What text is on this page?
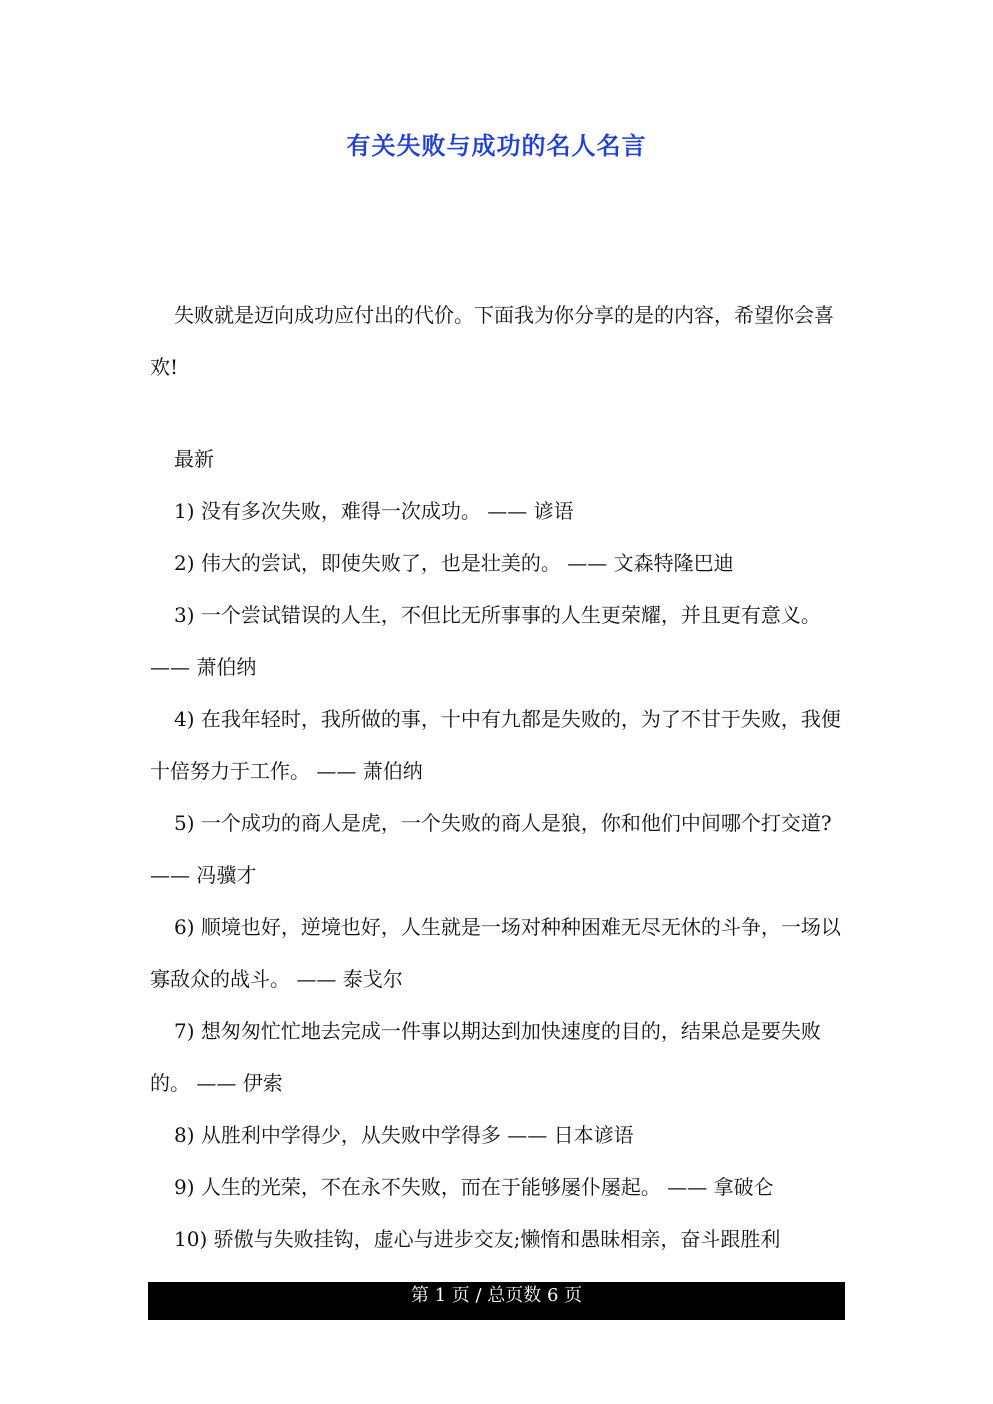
有关失败与成功的名人名言

失败就是迈向成功应付出的代价。下面我为你分享的是的内容，希望你会喜欢!

最新

1) 没有多次失败，难得一次成功。 —— 谚语

2) 伟大的尝试，即使失败了，也是壮美的。 —— 文森特隆巴迪

3) 一个尝试错误的人生，不但比无所事事的人生更荣耀，并且更有意义。 —— 萧伯纳

4) 在我年轻时，我所做的事，十中有九都是失败的，为了不甘于失败，我便十倍努力于工作。 —— 萧伯纳

5) 一个成功的商人是虎，一个失败的商人是狼，你和他们中间哪个打交道? —— 冯骥才

6) 顺境也好，逆境也好，人生就是一场对种种困难无尽无休的斗争，一场以寡敌众的战斗。 —— 泰戈尔

7) 想匆匆忙忙地去完成一件事以期达到加快速度的目的，结果总是要失败的。 —— 伊索

8) 从胜利中学得少，从失败中学得多 —— 日本谚语

9) 人生的光荣，不在永不失败，而在于能够屡仆屡起。 —— 拿破仑

10) 骄傲与失败挂钩，虚心与进步交友;懒惰和愚昧相亲，奋斗跟胜利

第 1 页 / 总页数 6 页
